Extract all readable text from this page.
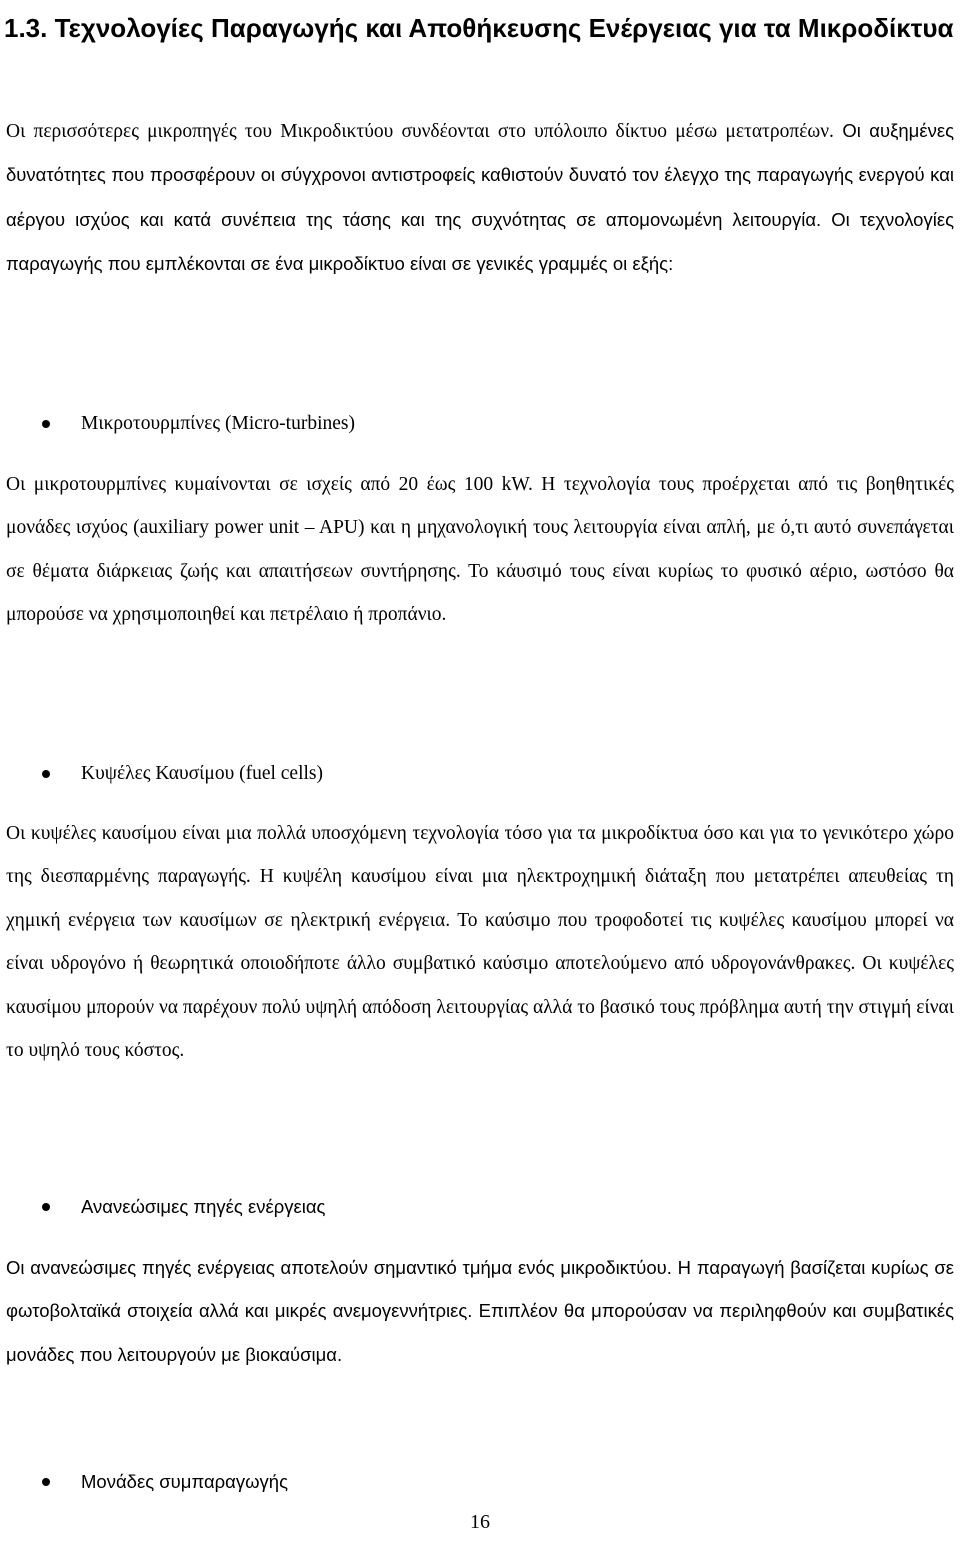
1.3. Τεχνολογίες Παραγωγής και Αποθήκευσης Ενέργειας για τα Μικροδίκτυα

Οι περισσότερες μικροπηγές του Μικροδικτύου συνδέονται στο υπόλοιπο δίκτυο μέσω μετατροπέων. Οι αυξημένες δυνατότητες που προσφέρουν οι σύγχρονοι αντιστροφείς καθιστούν δυνατό τον έλεγχο της παραγωγής ενεργού και αέργου ισχύος και κατά συνέπεια της τάσης και της συχνότητας σε απομονωμένη λειτουργία. Οι τεχνολογίες παραγωγής που εμπλέκονται σε ένα μικροδίκτυο είναι σε γενικές γραμμές οι εξής:

Μικροτουρμπίνες (Micro-turbines)

Οι μικροτουρμπίνες κυμαίνονται σε ισχείς από 20 έως 100 kW. Η τεχνολογία τους προέρχεται από τις βοηθητικές μονάδες ισχύος (auxiliary power unit – APU) και η μηχανολογική τους λειτουργία είναι απλή, με ό,τι αυτό συνεπάγεται σε θέματα διάρκειας ζωής και απαιτήσεων συντήρησης. Το κάυσιμό τους είναι κυρίως το φυσικό αέριο, ωστόσο θα μπορούσε να χρησιμοποιηθεί και πετρέλαιο ή προπάνιο.

Κυψέλες Καυσίμου (fuel cells)

Οι κυψέλες καυσίμου είναι μια πολλά υποσχόμενη τεχνολογία τόσο για τα μικροδίκτυα όσο και για το γενικότερο χώρο της διεσπαρμένης παραγωγής. Η κυψέλη καυσίμου είναι μια ηλεκτροχημική διάταξη που μετατρέπει απευθείας τη χημική ενέργεια των καυσίμων σε ηλεκτρική ενέργεια. Το καύσιμο που τροφοδοτεί τις κυψέλες καυσίμου μπορεί να είναι υδρογόνο ή θεωρητικά οποιοδήποτε άλλο συμβατικό καύσιμο αποτελούμενο από υδρογονάνθρακες. Οι κυψέλες καυσίμου μπορούν να παρέχουν πολύ υψηλή απόδοση λειτουργίας αλλά το βασικό τους πρόβλημα αυτή την στιγμή είναι το υψηλό τους κόστος.

Ανανεώσιμες πηγές ενέργειας

Οι ανανεώσιμες πηγές ενέργειας αποτελούν σημαντικό τμήμα ενός μικροδικτύου. Η παραγωγή βασίζεται κυρίως σε φωτοβολταϊκά στοιχεία αλλά και μικρές ανεμογεννήτριες. Επιπλέον θα μπορούσαν να περιληφθούν και συμβατικές μονάδες που λειτουργούν με βιοκαύσιμα.

Μονάδες συμπαραγωγής
16
